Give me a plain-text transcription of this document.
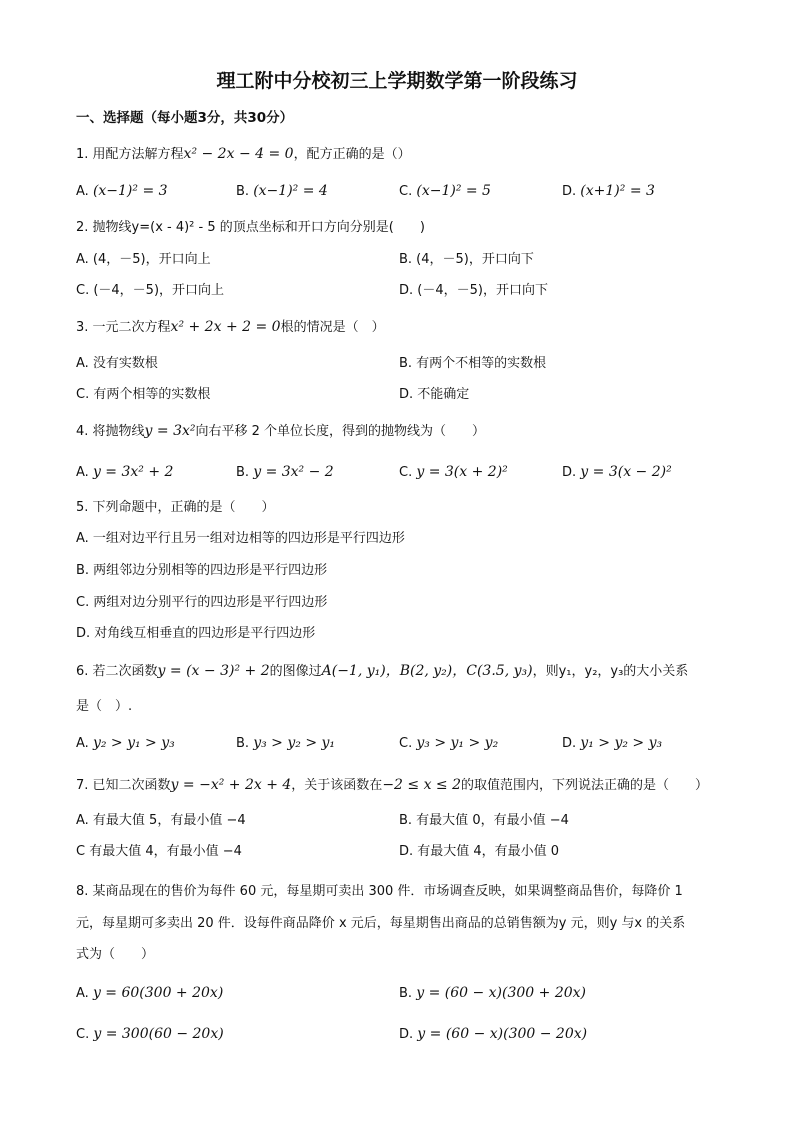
理工附中分校初三上学期数学第一阶段练习
一、选择题（每小题3分，共30分）
1. 用配方法解方程x² − 2x − 4 = 0，配方正确的是（）
A. (x−1)² = 3	B. (x−1)² = 4	C. (x−1)² = 5	D. (x+1)² = 3
2. 抛物线y=(x - 4)² - 5 的顶点坐标和开口方向分别是(　　)
A. (4，－5)，开口向上	B. (4，－5)，开口向下
C. (－4，－5)，开口向上	D. (－4，－5)，开口向下
3. 一元二次方程x² + 2x + 2 = 0根的情况是（　）
A. 没有实数根	B. 有两个不相等的实数根
C. 有两个相等的实数根	D. 不能确定
4. 将抛物线y = 3x²向右平移 2 个单位长度，得到的抛物线为（　　）
A. y = 3x² + 2	B. y = 3x² − 2	C. y = 3(x + 2)²	D. y = 3(x − 2)²
5. 下列命题中，正确的是（　　）
A. 一组对边平行且另一组对边相等的四边形是平行四边形
B. 两组邻边分别相等的四边形是平行四边形
C. 两组对边分别平行的四边形是平行四边形
D. 对角线互相垂直的四边形是平行四边形
6. 若二次函数y = (x − 3)² + 2的图像过A(−1, y₁)，B(2, y₂)，C(3.5, y₃)，则y₁，y₂，y₃的大小关系
是（　）.
A. y₂ > y₁ > y₃	B. y₃ > y₂ > y₁	C. y₃ > y₁ > y₂	D. y₁ > y₂ > y₃
7. 已知二次函数y = −x² + 2x + 4，关于该函数在−2 ≤ x ≤ 2的取值范围内，下列说法正确的是（　　）
A. 有最大值 5，有最小值 −4	B. 有最大值 0，有最小值 −4
C 有最大值 4，有最小值 −4	D. 有最大值 4，有最小值 0
8. 某商品现在的售价为每件 60 元，每星期可卖出 300 件．市场调查反映，如果调整商品售价，每降价 1
元，每星期可多卖出 20 件．设每件商品降价 x 元后，每星期售出商品的总销售额为y 元，则y 与x 的关系
式为（　　）
A. y = 60(300 + 20x)	B. y = (60 − x)(300 + 20x)
C. y = 300(60 − 20x)	D. y = (60 − x)(300 − 20x)
